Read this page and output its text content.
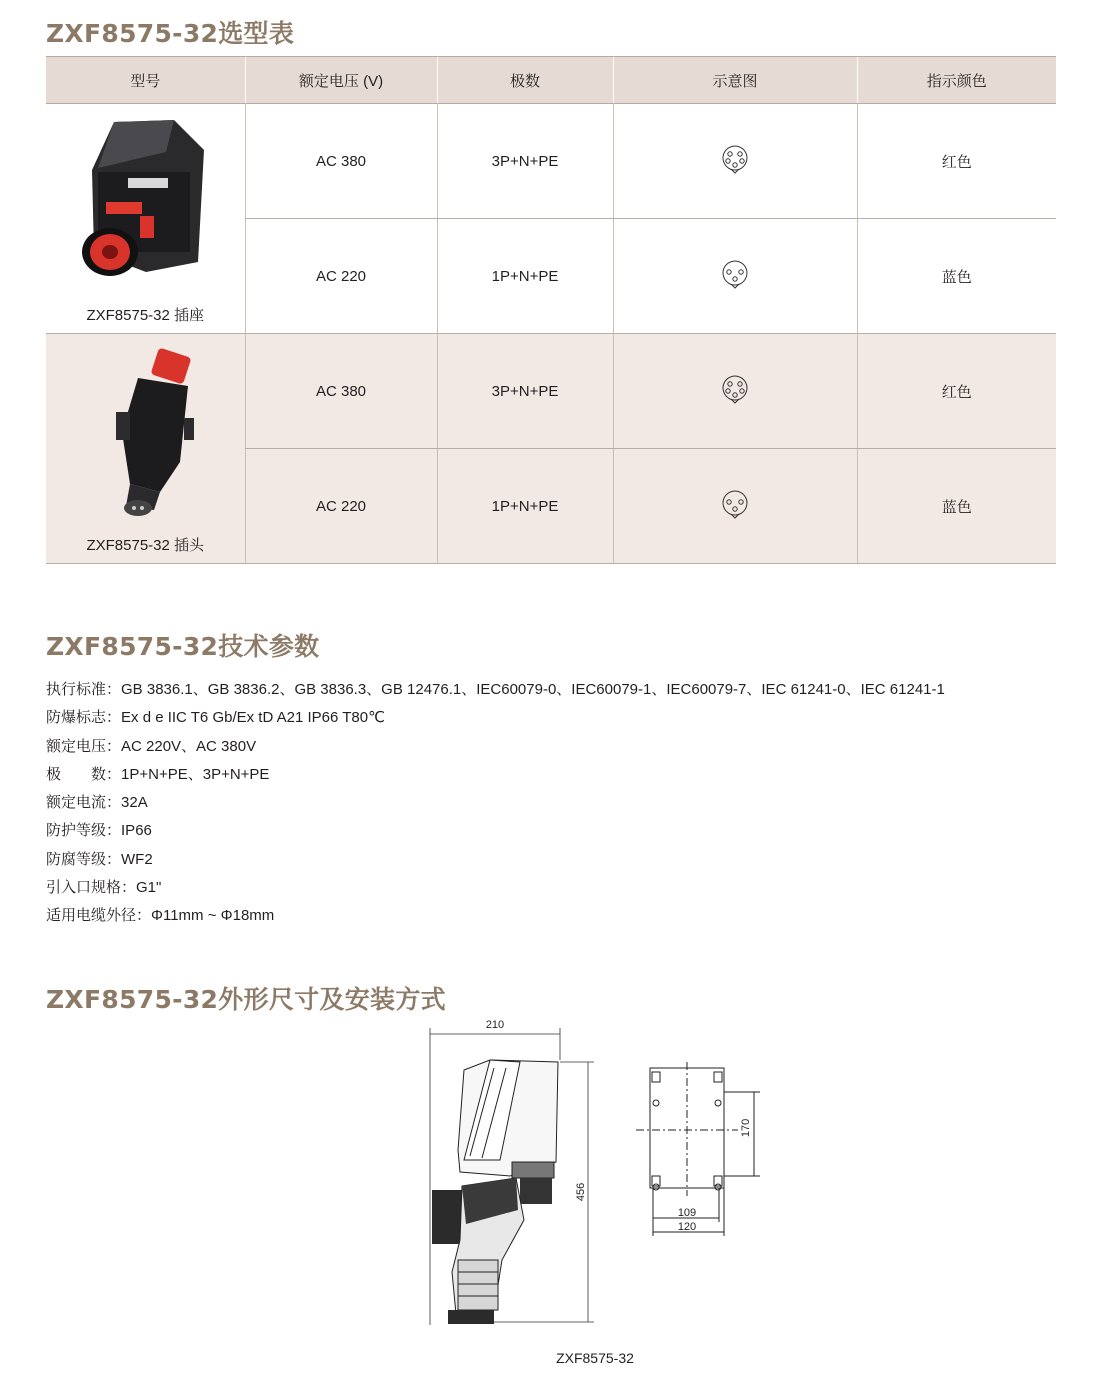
ZXF8575-32选型表
型号	额定电压 (V)	极数	示意图	指示颜色

ZXF8575-32 插座	AC 380	3P+N+PE		红色
	AC 220	1P+N+PE		蓝色

ZXF8575-32 插头	AC 380	3P+N+PE		红色
	AC 220	1P+N+PE		蓝色
ZXF8575-32技术参数
执行标准：GB 3836.1、GB 3836.2、GB 3836.3、GB 12476.1、IEC60079-0、IEC60079-1、IEC60079-7、IEC 61241-0、IEC 61241-1
防爆标志：Ex d e IIC T6 Gb/Ex tD A21 IP66 T80℃
额定电压：AC 220V、AC 380V
极　　数：1P+N+PE、3P+N+PE
额定电流：32A
防护等级：IP66
防腐等级：WF2
引入口规格：G1"
适用电缆外径：Φ11mm ~ Φ18mm
ZXF8575-32外形尺寸及安装方式
210
456
170
109
120
ZXF8575-32
